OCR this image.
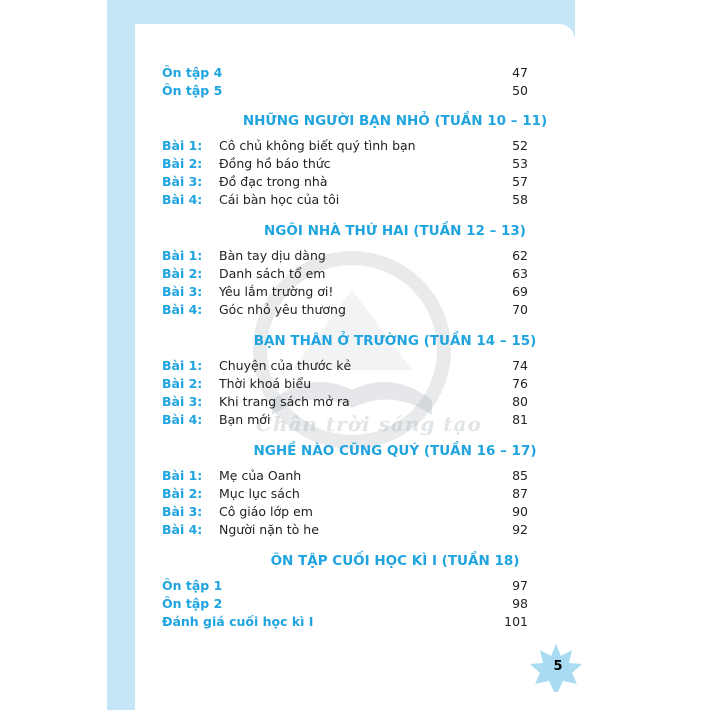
Chân trời sáng tạo
Ôn tập 4	47
Ôn tập 5	50
NHỮNG NGƯỜI BẠN NHỎ (TUẦN 10 – 11)
Bài 1: Cô chủ không biết quý tình bạn	52
Bài 2: Đồng hồ báo thức	53
Bài 3: Đồ đạc trong nhà	57
Bài 4: Cái bàn học của tôi	58
NGÔI NHÀ THỨ HAI (TUẦN 12 – 13)
Bài 1: Bàn tay dịu dàng	62
Bài 2: Danh sách tổ em	63
Bài 3: Yêu lắm trường ơi!	69
Bài 4: Góc nhỏ yêu thương	70
BẠN THÂN Ở TRƯỜNG (TUẦN 14 – 15)
Bài 1: Chuyện của thước kẻ	74
Bài 2: Thời khoá biểu	76
Bài 3: Khi trang sách mở ra	80
Bài 4: Bạn mới	81
NGHỀ NÀO CŨNG QUÝ (TUẦN 16 – 17)
Bài 1: Mẹ của Oanh	85
Bài 2: Mục lục sách	87
Bài 3: Cô giáo lớp em	90
Bài 4: Người nặn tò he	92
ÔN TẬP CUỐI HỌC KÌ I (TUẦN 18)
Ôn tập 1	97
Ôn tập 2	98
Đánh giá cuối học kì I	101
5
